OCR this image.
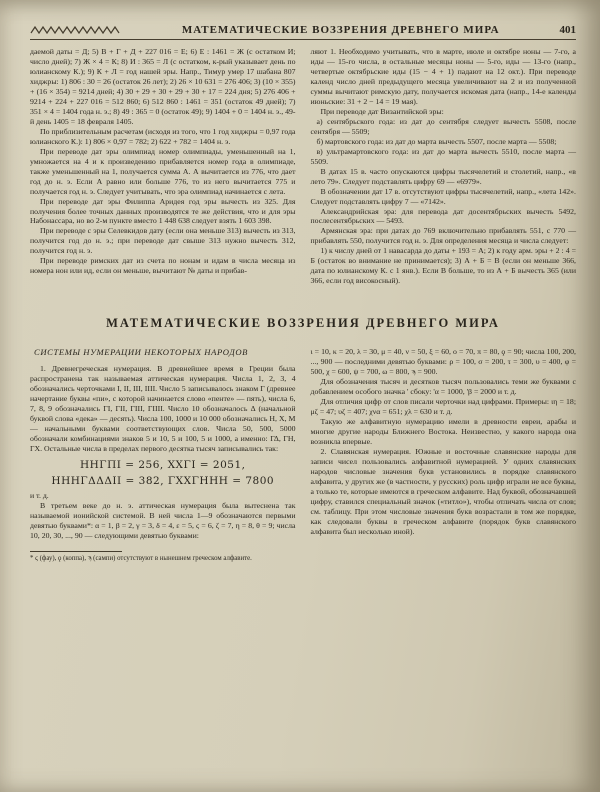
МАТЕМАТИЧЕСКИЕ ВОЗЗРЕНИЯ ДРЕВНЕГО МИРА	401

даемой даты = Д; 5) В + Г + Д + 227 016 = Е; 6) Е : 1461 = Ж (с остатком И; число дней); 7) Ж × 4 = К; 8) И : 365 = Л (с остатком, к-рый указывает день по юлианскому К.); 9) К + Л = год нашей эры. Напр., Тимур умер 17 шабана 807 хиджры: 1) 806 : 30 = 26 (остаток 26 лет); 2) 26 × 10 631 = 276 406; 3) (10 × 355) + (16 × 354) = 9214 дней; 4) 30 + 29 + 30 + 29 + 30 + 17 = 224 дня; 5) 276 406 + 9214 + 224 + 227 016 = 512 860; 6) 512 860 : 1461 = 351 (остаток 49 дней); 7) 351 × 4 = 1404 года н. э.; 8) 49 : 365 = 0 (остаток 49); 9) 1404 + 0 = 1404 н. э., 49-й день 1405 = 18 февраля 1405.

По приблизительным расчетам (исходя из того, что 1 год хиджры = 0,97 года юлианского К.): 1) 806 × 0,97 = 782; 2) 622 + 782 = 1404 н. э.

При переводе дат эры олимпиад номер олимпиады, уменьшенный на 1, умножается на 4 и к произведению прибавляется номер года в олимпиаде, также уменьшенный на 1, получается сумма А. А вычитается из 776, что дает год до н. э. Если А равно или больше 776, то из него вычитается 775 и получается год н. э. Следует учитывать, что эра олимпиад начинается с лета.

При переводе дат эры Филиппа Аридея год эры вычесть из 325. Для получения более точных данных производятся те же действия, что и для эры Набонассара, но во 2-м пункте вместо 1 448 638 следует взять 1 603 398.

При переводе с эры Селевкидов дату (если она меньше 313) вычесть из 313, получится год до н. э.; при переводе дат свыше 313 нужно вычесть 312, получится год н. э.

При переводе римских дат из счета по нонам и идам в числа месяца из номера нон или ид, если он меньше, вычитают № даты и прибав-

ляют 1. Необходимо учитывать, что в марте, июле и октябре ноны — 7-го, а иды — 15-го числа, в остальные месяцы ноны — 5-го, иды — 13-го (напр., четвертые октябрьские иды (15 − 4 + 1) падают на 12 окт.). При переводе календ число дней предыдущего месяца увеличивают на 2 и из полученной суммы вычитают римскую дату, получается искомая дата (напр., 14-е календы июньские: 31 + 2 − 14 = 19 мая).

При переводе дат Византийской эры:

а) сентябрьского года: из дат до сентября следует вычесть 5508, после сентября — 5509;

б) мартовского года: из дат до марта вычесть 5507, после марта — 5508;

в) ультрамартовского года: из дат до марта вычесть 5510, после марта — 5509.

В датах 15 в. часто опускаются цифры тысячелетий и столетий, напр., «в лето 79». Следует подставлять цифру 69 — «6979».

В обозначении дат 17 в. отсутствуют цифры тысячелетий, напр., «лета 142». Следует подставлять цифру 7 — «7142».

Александрийская эра: для перевода дат досентябрьских вычесть 5492, послесентябрьских — 5493.

Армянская эра: при датах до 769 включительно прибавлять 551, с 770 — прибавлять 550, получится год н. э. Для определения месяца и числа следует:

1) к числу дней от 1 навасарда до даты + 193 = А; 2) к году арм. эры + 2 : 4 = Б (остаток во внимание не принимается); 3) А + Б = В (если он меньше 366, дата по юлианскому К. с 1 янв.). Если В больше, то из А + Б вычесть 365 (или 366, если год високосный).

МАТЕМАТИЧЕСКИЕ ВОЗЗРЕНИЯ ДРЕВНЕГО МИРА
СИСТЕМЫ НУМЕРАЦИИ НЕКОТОРЫХ НАРОДОВ

1. Древнегреческая нумерация. В древнейшее время в Греции была распространена так называемая аттическая нумерация. Числа 1, 2, 3, 4 обозначались черточками I, II, III, IIII. Число 5 записывалось знаком Γ (древнее начертание буквы «пи», с которой начинается слово «пенте» — пять), числа 6, 7, 8, 9 обозначались ΓI, ΓII, ΓIII, ΓIIII. Число 10 обозначалось Δ (начальной буквой слова «дека» — десять). Числа 100, 1000 и 10 000 обозначались Н, Х, М — начальными буквами соответствующих слов. Числа 50, 500, 5000 обозначали комбинациями знаков 5 и 10, 5 и 100, 5 и 1000, а именно: ΓΔ, ΓН, ΓХ. Остальные числа в пределах первого десятка тысяч записывались так:

ННΓΠI = 256, ХХΓI = 2051,
НННΓΔΔΔII = 382, ΓХХΓННН = 7800

и т. д.

В третьем веке до н. э. аттическая нумерация была вытеснена так называемой ионийской системой. В ней числа 1—9 обозначаются первыми девятью буквами*: α = 1, β = 2, γ = 3, δ = 4, ε = 5, ϛ = 6, ζ = 7, η = 8, θ = 9; числа 10, 20, 30, ..., 90 — следующими девятью буквами:

* ϛ (фау), ϙ (коппа), ϡ (сампи) отсутствуют в нынешнем греческом алфавите.

ι = 10, κ = 20, λ = 30, μ = 40, ν = 50, ξ = 60, ο = 70, π = 80, ϙ = 90; числа 100, 200, ..., 900 — последними девятью буквами: ρ = 100, σ = 200, τ = 300, υ = 400, φ = 500, χ = 600, ψ = 700, ω = 800, ϡ = 900.

Для обозначения тысяч и десятков тысяч пользовались теми же буквами с добавлением особого значка ' сбоку: 'α = 1000, 'β = 2000 и т. д.

Для отличия цифр от слов писали черточки над цифрами. Примеры: ιη = 18; μζ = 47; υζ = 407; χνα = 651; χλ = 630 и т. д.

Такую же алфавитную нумерацию имели в древности евреи, арабы и многие другие народы Ближнего Востока. Неизвестно, у какого народа она возникла впервые.

2. Славянская нумерация. Южные и восточные славянские народы для записи чисел пользовались алфавитной нумерацией. У одних славянских народов числовые значения букв установились в порядке славянского алфавита, у других же (в частности, у русских) роль цифр играли не все буквы, а только те, которые имеются в греческом алфавите. Над буквой, обозначавшей цифру, ставился специальный значок («титло»), чтобы отличать числа от слов; см. таблицу. При этом числовые значения букв возрастали в том же порядке, как следовали буквы в греческом алфавите (порядок букв славянского алфавита был несколько иной).
